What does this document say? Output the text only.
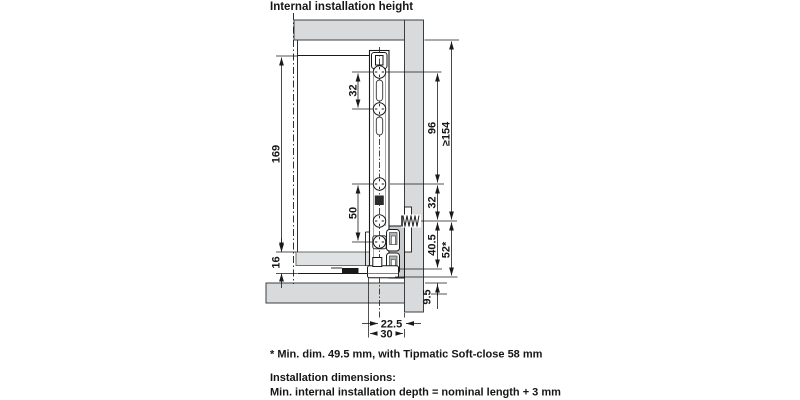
32
50
169
16
96 ≥154
32
40.5 52*
9.5
22.5
30
Internal installation height
* Min. dim. 49.5 mm, with Tipmatic Soft-close 58 mm
Installation dimensions:
Min. internal installation depth = nominal length + 3 mm
